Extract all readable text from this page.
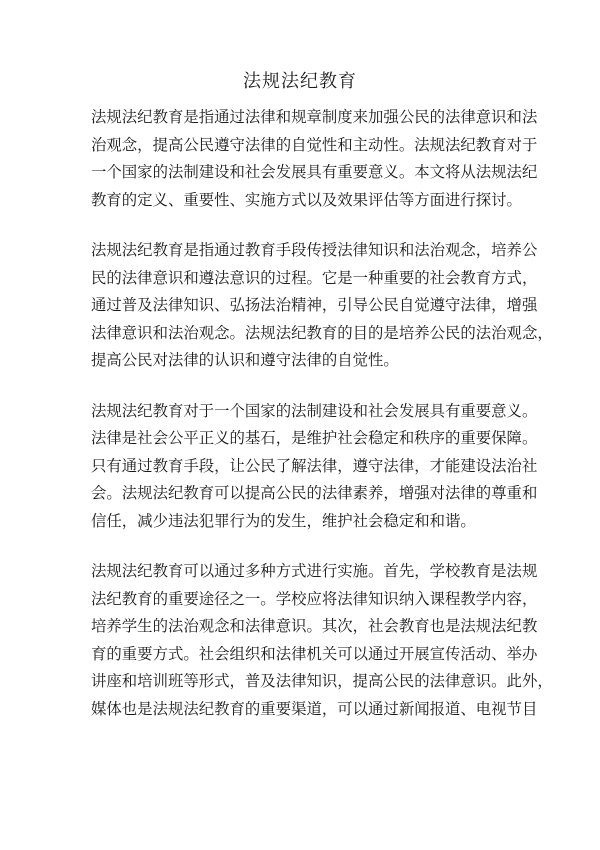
法规法纪教育

法规法纪教育是指通过法律和规章制度来加强公民的法律意识和法
治观念，提高公民遵守法律的自觉性和主动性。法规法纪教育对于
一个国家的法制建设和社会发展具有重要意义。本文将从法规法纪
教育的定义、重要性、实施方式以及效果评估等方面进行探讨。

法规法纪教育是指通过教育手段传授法律知识和法治观念，培养公
民的法律意识和遵法意识的过程。它是一种重要的社会教育方式，
通过普及法律知识、弘扬法治精神，引导公民自觉遵守法律，增强
法律意识和法治观念。法规法纪教育的目的是培养公民的法治观念，
提高公民对法律的认识和遵守法律的自觉性。

法规法纪教育对于一个国家的法制建设和社会发展具有重要意义。
法律是社会公平正义的基石，是维护社会稳定和秩序的重要保障。
只有通过教育手段，让公民了解法律，遵守法律，才能建设法治社
会。法规法纪教育可以提高公民的法律素养，增强对法律的尊重和
信任，减少违法犯罪行为的发生，维护社会稳定和和谐。

法规法纪教育可以通过多种方式进行实施。首先，学校教育是法规
法纪教育的重要途径之一。学校应将法律知识纳入课程教学内容，
培养学生的法治观念和法律意识。其次，社会教育也是法规法纪教
育的重要方式。社会组织和法律机关可以通过开展宣传活动、举办
讲座和培训班等形式，普及法律知识，提高公民的法律意识。此外，
媒体也是法规法纪教育的重要渠道，可以通过新闻报道、电视节目
